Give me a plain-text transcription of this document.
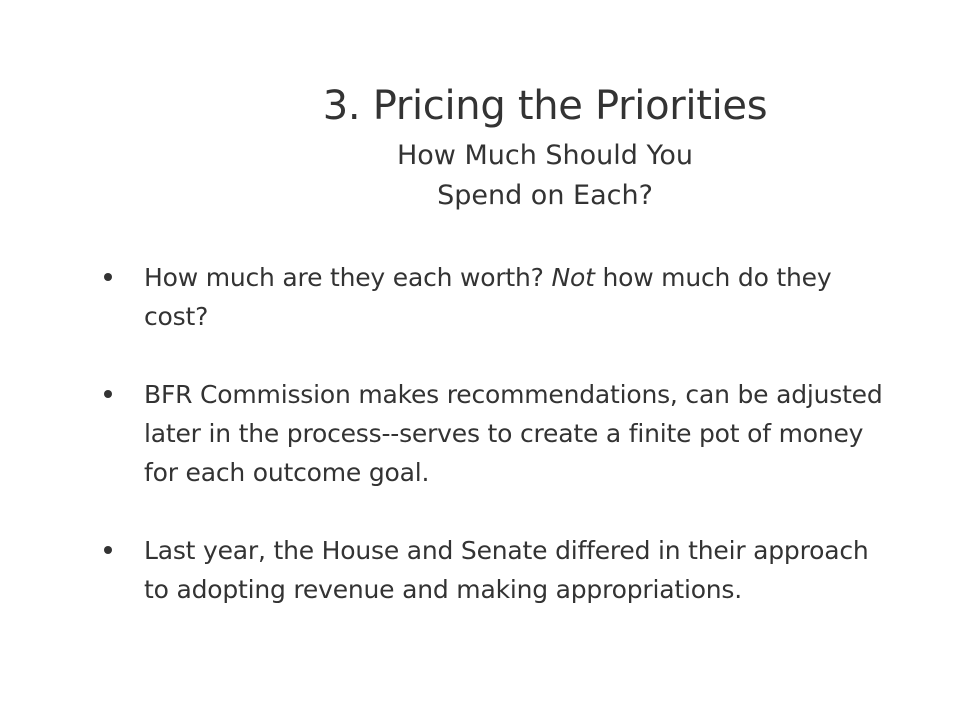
3. Pricing the Priorities
How Much Should You
Spend on Each?
How much are they each worth? Not how much do they cost?
BFR Commission makes recommendations, can be adjusted later in the process--serves to create a finite pot of money for each outcome goal.
Last year, the House and Senate differed in their approach to adopting revenue and making appropriations.
